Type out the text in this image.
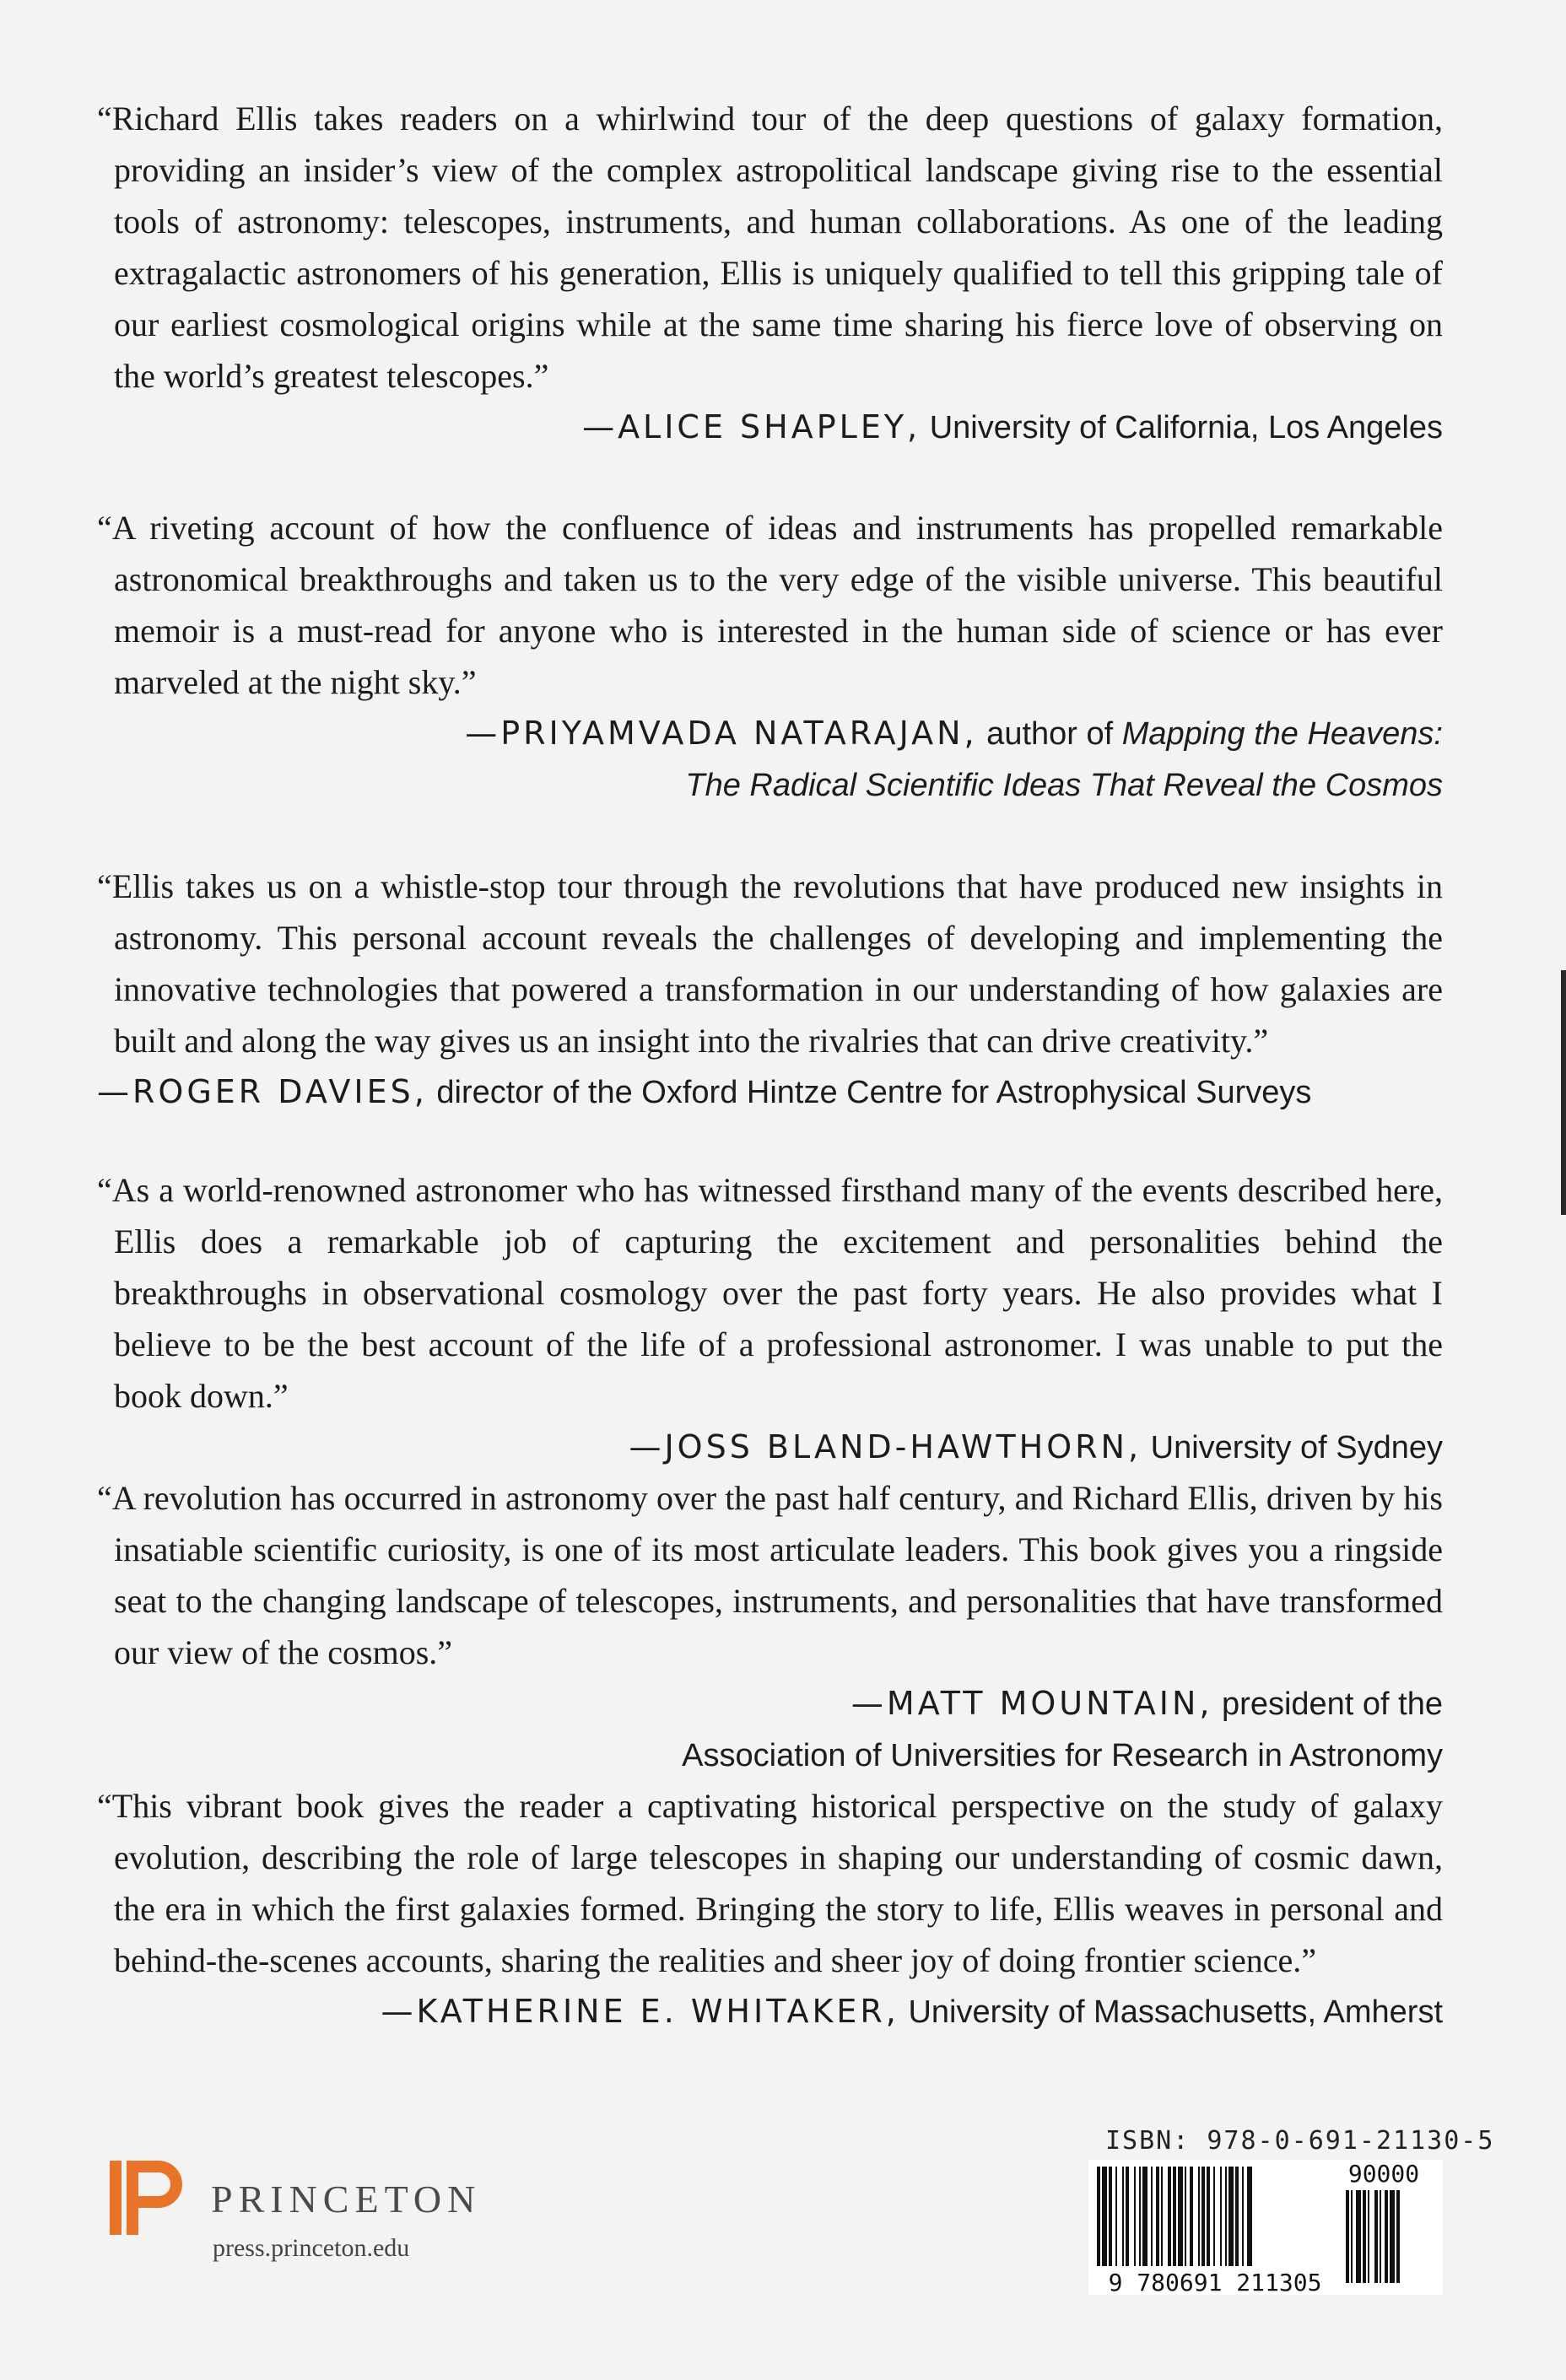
“Richard Ellis takes readers on a whirlwind tour of the deep questions of galaxy formation, providing an insider’s view of the complex astropolitical landscape giving rise to the essential tools of astronomy: telescopes, instruments, and human collaborations. As one of the leading extragalactic astronomers of his generation, Ellis is uniquely qualified to tell this gripping tale of our earliest cosmological origins while at the same time sharing his fierce love of observing on the world’s greatest telescopes.”

—ALICE SHAPLEY, University of California, Los Angeles

“A riveting account of how the confluence of ideas and instruments has propelled remarkable astronomical breakthroughs and taken us to the very edge of the visible universe. This beautiful memoir is a must-read for anyone who is interested in the human side of science or has ever marveled at the night sky.”

—PRIYAMVADA NATARAJAN, author of Mapping the Heavens:

The Radical Scientific Ideas That Reveal the Cosmos

“Ellis takes us on a whistle-stop tour through the revolutions that have produced new insights in astronomy. This personal account reveals the challenges of developing and implementing the innovative technologies that powered a transformation in our understanding of how galaxies are built and along the way gives us an insight into the rivalries that can drive creativity.”

—ROGER DAVIES, director of the Oxford Hintze Centre for Astrophysical Surveys

“As a world-renowned astronomer who has witnessed firsthand many of the events described here, Ellis does a remarkable job of capturing the excitement and personalities behind the breakthroughs in observational cosmology over the past forty years. He also provides what I believe to be the best account of the life of a professional astronomer. I was unable to put the book down.”

—JOSS BLAND-HAWTHORN, University of Sydney

“A revolution has occurred in astronomy over the past half century, and Richard Ellis, driven by his insatiable scientific curiosity, is one of its most articulate leaders. This book gives you a ringside seat to the changing landscape of telescopes, instruments, and personalities that have transformed our view of the cosmos.”

—MATT MOUNTAIN, president of the

Association of Universities for Research in Astronomy

“This vibrant book gives the reader a captivating historical perspective on the study of galaxy evolution, describing the role of large telescopes in shaping our understanding of cosmic dawn, the era in which the first galaxies formed. Bringing the story to life, Ellis weaves in personal and behind-the-scenes accounts, sharing the realities and sheer joy of doing frontier science.”

—KATHERINE E. WHITAKER, University of Massachusetts, Amherst

PRINCETON
press.princeton.edu
ISBN: 978-0-691-21130-5
90000
9 780691 211305
